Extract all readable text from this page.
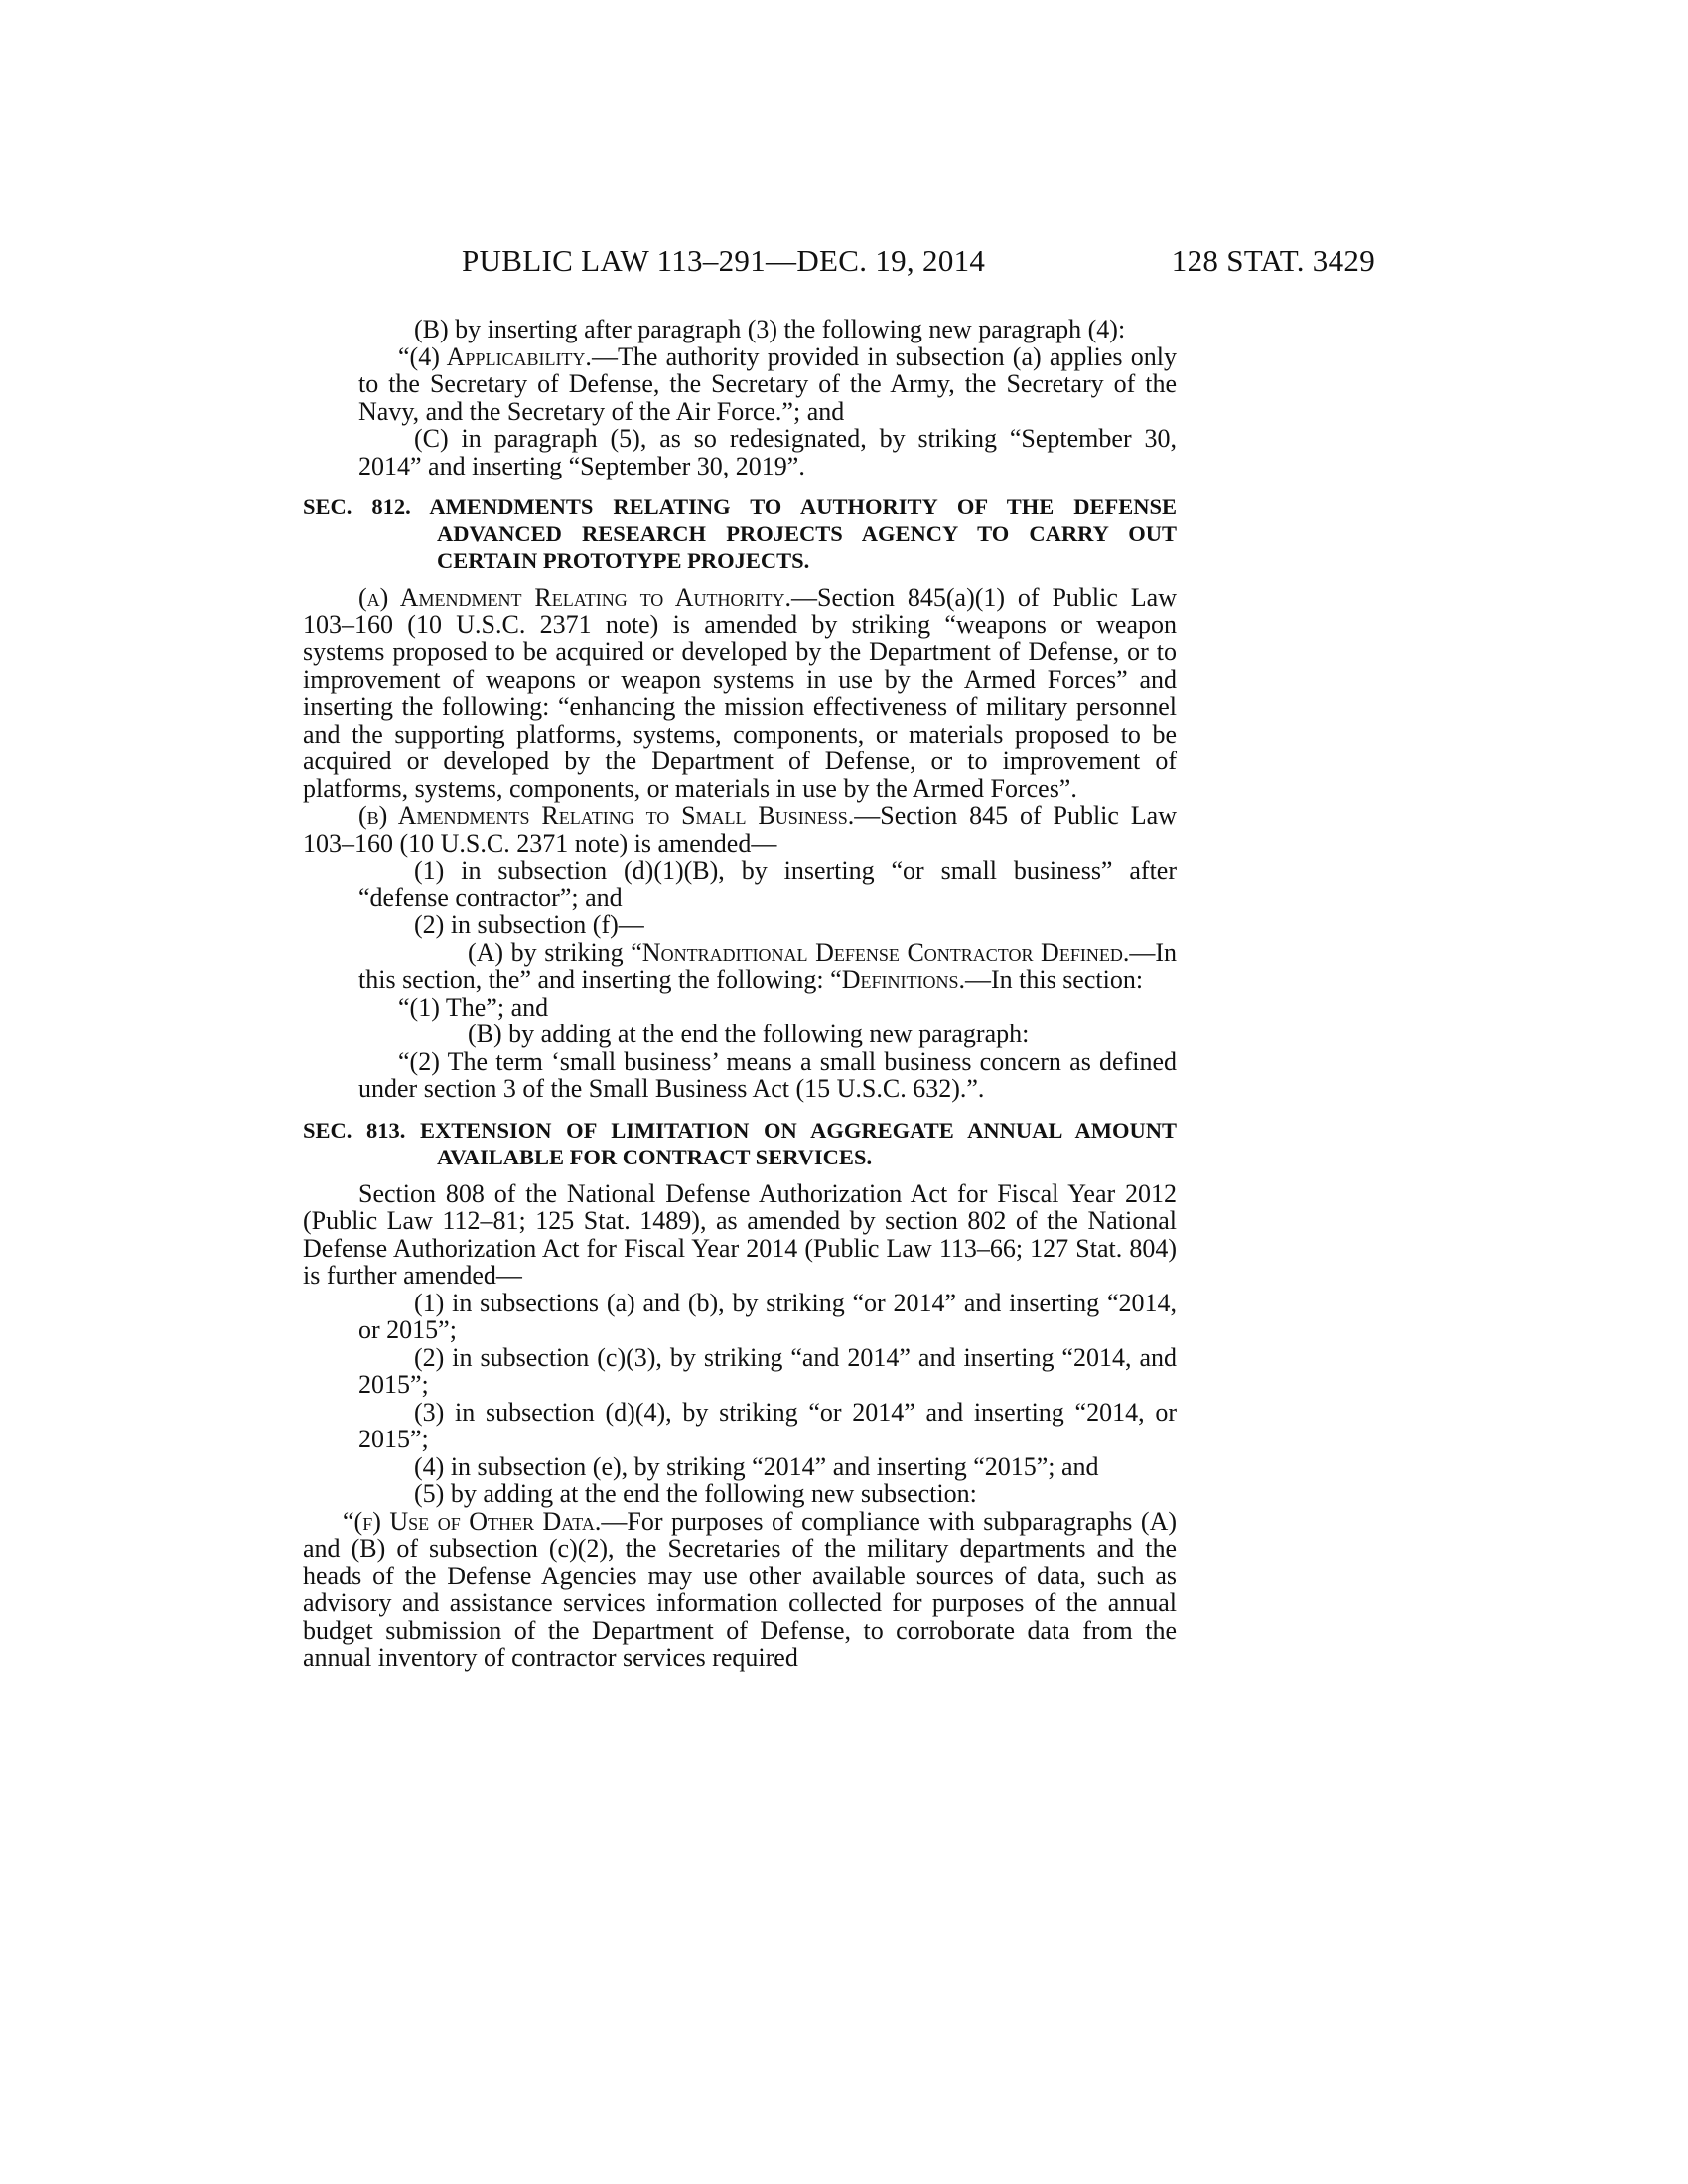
PUBLIC LAW 113–291—DEC. 19, 2014	128 STAT. 3429

(B) by inserting after paragraph (3) the following new paragraph (4):

“(4) Applicability.—The authority provided in subsection (a) applies only to the Secretary of Defense, the Secretary of the Army, the Secretary of the Navy, and the Secretary of the Air Force.”; and

(C) in paragraph (5), as so redesignated, by striking “September 30, 2014” and inserting “September 30, 2019”.

SEC. 812. AMENDMENTS RELATING TO AUTHORITY OF THE DEFENSE ADVANCED RESEARCH PROJECTS AGENCY TO CARRY OUT CERTAIN PROTOTYPE PROJECTS.

(a) Amendment Relating to Authority.—Section 845(a)(1) of Public Law 103–160 (10 U.S.C. 2371 note) is amended by striking “weapons or weapon systems proposed to be acquired or developed by the Department of Defense, or to improvement of weapons or weapon systems in use by the Armed Forces” and inserting the following: “enhancing the mission effectiveness of military personnel and the supporting platforms, systems, components, or materials proposed to be acquired or developed by the Department of Defense, or to improvement of platforms, systems, components, or materials in use by the Armed Forces”.

(b) Amendments Relating to Small Business.—Section 845 of Public Law 103–160 (10 U.S.C. 2371 note) is amended—

(1) in subsection (d)(1)(B), by inserting “or small business” after “defense contractor”; and

(2) in subsection (f)—

(A) by striking “Nontraditional Defense Contractor Defined.—In this section, the” and inserting the following: “Definitions.—In this section:

“(1) The”; and

(B) by adding at the end the following new paragraph:

“(2) The term ‘small business’ means a small business concern as defined under section 3 of the Small Business Act (15 U.S.C. 632).”.

SEC. 813. EXTENSION OF LIMITATION ON AGGREGATE ANNUAL AMOUNT AVAILABLE FOR CONTRACT SERVICES.

Section 808 of the National Defense Authorization Act for Fiscal Year 2012 (Public Law 112–81; 125 Stat. 1489), as amended by section 802 of the National Defense Authorization Act for Fiscal Year 2014 (Public Law 113–66; 127 Stat. 804) is further amended—

(1) in subsections (a) and (b), by striking “or 2014” and inserting “2014, or 2015”;

(2) in subsection (c)(3), by striking “and 2014” and inserting “2014, and 2015”;

(3) in subsection (d)(4), by striking “or 2014” and inserting “2014, or 2015”;

(4) in subsection (e), by striking “2014” and inserting “2015”; and

(5) by adding at the end the following new subsection:

“(f) Use of Other Data.—For purposes of compliance with subparagraphs (A) and (B) of subsection (c)(2), the Secretaries of the military departments and the heads of the Defense Agencies may use other available sources of data, such as advisory and assistance services information collected for purposes of the annual budget submission of the Department of Defense, to corroborate data from the annual inventory of contractor services required
